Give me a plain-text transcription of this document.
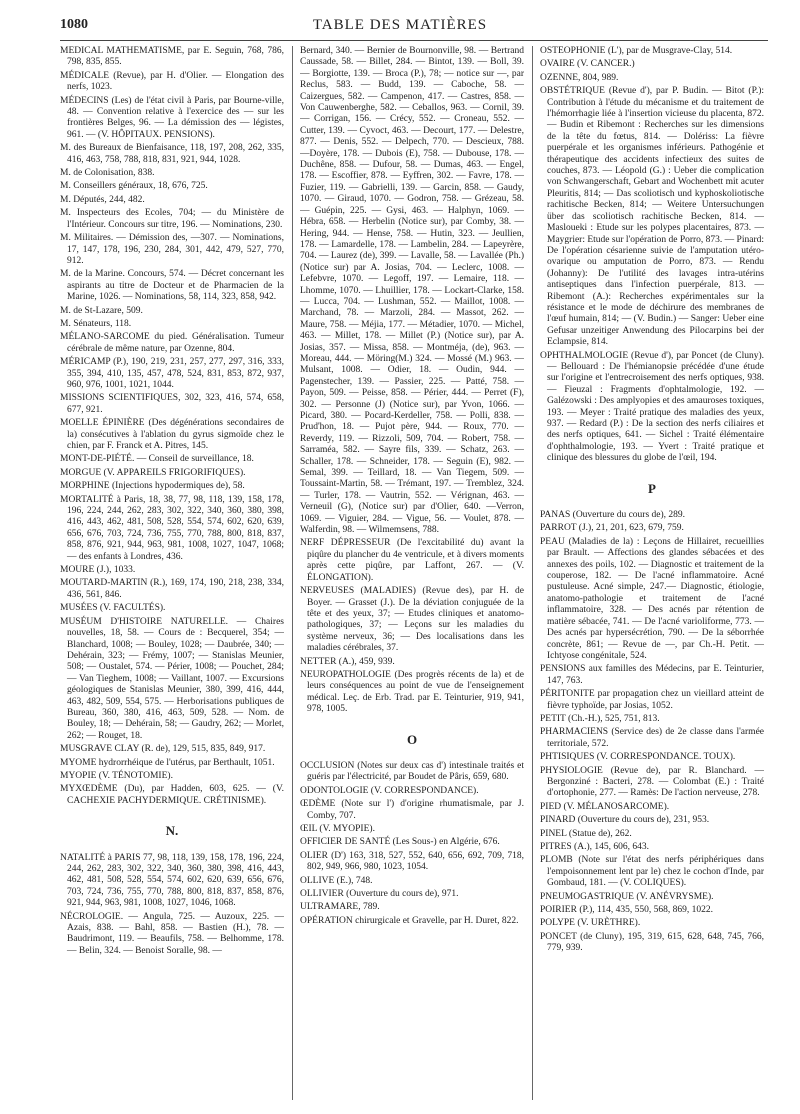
1080	TABLE DES MATIÈRES

MÉDICAL MATHÉMATISME, par E. Seguin, 768, 786, 798, 835, 855.

MÉDICALE (Revue), par H. d'Olier. — Elongation des nerfs, 1023.

MÉDECINS (Les) de l'état civil à Paris, par Bourne-ville, 48. — Convention relative à l'exercice des — sur les frontières Belges, 96. — La démission des — légistes, 961. — (V. HÔPITAUX. PENSIONS).

M. des Bureaux de Bienfaisance, 118, 197, 208, 262, 335, 416, 463, 758, 788, 818, 831, 921, 944, 1028.

M. de Colonisation, 838.

M. Conseillers généraux, 18, 676, 725.

M. Députés, 244, 482.

M. Inspecteurs des Ecoles, 704; — du Ministère de l'Intérieur. Concours sur titre, 196. — Nominations, 230.

M. Militaires. — Démission des, —307. — Nominations, 17, 147, 178, 196, 230, 284, 301, 442, 479, 527, 770, 912.

M. de la Marine. Concours, 574. — Décret concernant les aspirants au titre de Docteur et de Pharmacien de la Marine, 1026. — Nominations, 58, 114, 323, 858, 942.

M. de St-Lazare, 509.

M. Sénateurs, 118.

MÉLANO-SARCOME du pied. Généralisation. Tumeur cérébrale de même nature, par Ozenne, 804.

MÉRICAMP (P.), 190, 219, 231, 257, 277, 297, 316, 333, 355, 394, 410, 135, 457, 478, 524, 831, 853, 872, 937, 960, 976, 1001, 1021, 1044.

MISSIONS SCIENTIFIQUES, 302, 323, 416, 574, 658, 677, 921.

MOELLE ÉPINIÈRE (Des dégénérations secondaires de la) consécutives à l'ablation du gyrus sigmoïde chez le chien, par F. Franck et A. Pitres, 145.

MONT-DE-PIÉTÉ. — Conseil de surveillance, 18.

MORGUE (V. APPAREILS FRIGORIFIQUES).

MORPHINE (Injections hypodermiques de), 58.

MORTALITÉ à Paris, 18, 38, 77, 98, 118, 139, 158, 178, 196, 224, 244, 262, 283, 302, 322, 340, 360, 380, 398, 416, 443, 462, 481, 508, 528, 554, 574, 602, 620, 639, 656, 676, 703, 724, 736, 755, 770, 788, 800, 818, 837, 858, 876, 921, 944, 963, 981, 1008, 1027, 1047, 1068; — des enfants à Londres, 436.

MOURE (J.), 1033.

MOUTARD-MARTIN (R.), 169, 174, 190, 218, 238, 334, 436, 561, 846.

MUSÉES (V. FACULTÉS).

MUSÉUM D'HISTOIRE NATURELLE. — Chaires nouvelles, 18, 58. — Cours de : Becquerel, 354; — Blanchard, 1008; — Bouley, 1028; — Daubrée, 340; — Dehérain, 323; — Frémy, 1007; — Stanislas Meunier, 508; — Oustalet, 574. — Périer, 1008; — Pouchet, 284; — Van Tieghem, 1008; — Vaillant, 1007. — Excursions géologiques de Stanislas Meunier, 380, 399, 416, 444, 463, 482, 509, 554, 575. — Herborisations publiques de Bureau, 360, 380, 416, 463, 509, 528. — Nom. de Bouley, 18; — Dehérain, 58; — Gaudry, 262; — Morlet, 262; — Rouget, 18.

MUSGRAVE CLAY (R. de), 129, 515, 835, 849, 917.

MYOME hydrorrhéique de l'utérus, par Berthault, 1051.

MYOPIE (V. TÉNOTOMIE).

MYXŒDÈME (Du), par Hadden, 603, 625. — (V. CACHEXIE PACHYDERMIQUE. CRÉTINISME).

N.

NATALITÉ à PARIS 77, 98, 118, 139, 158, 178, 196, 224, 244, 262, 283, 302, 322, 340, 360, 380, 398, 416, 443, 462, 481, 508, 528, 554, 574, 602, 620, 639, 656, 676, 703, 724, 736, 755, 770, 788, 800, 818, 837, 858, 876, 921, 944, 963, 981, 1008, 1027, 1046, 1068.

NÉCROLOGIE. — Angula, 725. — Auzoux, 225. — Azais, 838. — Bahl, 858. — Bastien (H.), 78. — Baudrimont, 119. — Beaufils, 758. — Belhomme, 178. — Belin, 324. — Benoist Soralle, 98. —

Bernard, 340. — Bernier de Bournonville, 98. — Bertrand Caussade, 58. — Billet, 284. — Bintot, 139. — Boll, 39. — Borgiotte, 139. — Broca (P.), 78; — notice sur —, par Reclus, 583. — Budd, 139. — Caboche, 58. — Caizergues, 582. — Campenon, 417. — Castres, 858. — Von Cauwenberghe, 582. — Ceballos, 963. — Cornil, 39. — Corrigan, 156. — Crécy, 552. — Croneau, 552. — Cutter, 139. — Cyvoct, 463. — Decourt, 177. — Delestre, 877. — Denis, 552. — Delpech, 770. — Descieux, 788. —Doyère, 178. — Dubois (E), 758. — Dubouse, 178. — Duchêne, 858. — Dufour, 58. — Dumas, 463. — Engel, 178. — Escoffier, 878. — Eyffren, 302. — Favre, 178. — Fuzier, 119. — Gabrielli, 139. — Garcin, 858. — Gaudy, 1070. — Giraud, 1070. — Godron, 758. — Grézeau, 58. — Guépin, 225. — Gysi, 463. — Halphyn, 1069. — Hébra, 658. — Herbelin (Notice sur), par Comby, 38. — Hering, 944. — Hense, 758. — Hutin, 323. — Jeullien, 178. — Lamardelle, 178. — Lambelin, 284. — Lapeyrère, 704. — Laurez (de), 399. — Lavalle, 58. — Lavallée (Ph.) (Notice sur) par A. Josias, 704. — Leclerc, 1008. — Lefebvre, 1070. — Legoff, 197. — Lemaire, 118. — Lhomme, 1070. — Lhuillier, 178. — Lockart-Clarke, 158. — Lucca, 704. — Lushman, 552. — Maillot, 1008. — Marchand, 78. — Marzoli, 284. — Massot, 262. — Maure, 758. — Méjia, 177. — Métadier, 1070. — Michel, 463. — Millet, 178. — Millet (P.) (Notice sur), par A. Josias, 357. — Missa, 858. — Montméja, (de), 963. — Moreau, 444. — Möring(M.) 324. — Mossé (M.) 963. — Mulsant, 1008. — Odier, 18. — Oudin, 944. — Pagenstecher, 139. — Passier, 225. — Patté, 758. — Payon, 509. — Peisse, 858. — Périer, 444. — Perret (F), 302. — Personne (J) (Notice sur), par Yvon, 1066. — Picard, 380. — Pocard-Kerdeller, 758. — Polli, 838. — Prud'hon, 18. — Pujot père, 944. — Roux, 770. — Reverdy, 119. — Rizzoli, 509, 704. — Robert, 758. — Sarraméa, 582. — Sayre fils, 339. — Schatz, 263. — Schaller, 178. — Schneider, 178. — Seguin (E), 982. — Semal, 399. — Teillard, 18. — Van Tiegem, 509. — Toussaint-Martin, 58. — Trémant, 197. — Tremblez, 324. — Turler, 178. — Vautrin, 552. — Vérignan, 463. — Verneuil (G), (Notice sur) par d'Olier, 640. —Verron, 1069. — Viguier, 284. — Vigue, 56. — Voulet, 878. — Walferdin, 98. — Wilmemsens, 788.

NERF DÉPRESSEUR (De l'excitabilité du) avant la piqûre du plancher du 4e ventricule, et à divers moments après cette piqûre, par Laffont, 267. — (V. ÉLONGATION).

NERVEUSES (MALADIES) (Revue des), par H. de Boyer. — Grasset (J.). De la déviation conjuguée de la tête et des yeux, 37; — Etudes cliniques et anatomo-pathologiques, 37; — Leçons sur les maladies du système nerveux, 36; — Des localisations dans les maladies cérébrales, 37.

NETTER (A.), 459, 939.

NEUROPATHOLOGIE (Des progrès récents de la) et de leurs conséquences au point de vue de l'enseignement médical. Leç. de Erb. Trad. par E. Teinturier, 919, 941, 978, 1005.

O

OCCLUSION (Notes sur deux cas d') intestinale traités et guéris par l'électricité, par Boudet de Pâris, 659, 680.

ODONTOLOGIE (V. CORRESPONDANCE).

ŒDÈME (Note sur l') d'origine rhumatismale, par J. Comby, 707.

ŒIL (V. MYOPIE).

OFFICIER DE SANTÉ (Les Sous-) en Algérie, 676.

OLIER (D') 163, 318, 527, 552, 640, 656, 692, 709, 718, 802, 949, 966, 980, 1023, 1054.

OLLIVE (E.), 748.

OLLIVIER (Ouverture du cours de), 971.

ULTRAMARE, 789.

OPÉRATION chirurgicale et Gravelle, par H. Duret, 822.

OSTÉOPHONIE (L'), par de Musgrave-Clay, 514.

OVAIRE (V. CANCER.)

OZENNE, 804, 989.

OBSTÉTRIQUE (Revue d'), par P. Budin. — Bitot (P.): Contribution à l'étude du mécanisme et du traitement de l'hémorrhagie liée à l'insertion vicieuse du placenta, 872. — Budin et Ribemont : Recherches sur les dimensions de la tête du fœtus, 814. — Dolériss: La fièvre puerpérale et les organismes inférieurs. Pathogénie et thérapeutique des accidents infectieux des suites de couches, 873. — Léopold (G.) : Ueber die complication von Schwangerschaft, Gebart and Wochenbett mit acuter Pleuritis, 814; — Das scoliotisch und kyphoskoliotische rachitische Becken, 814; — Weitere Untersuchungen über das scoliotisch rachitische Becken, 814. — Masloueki : Etude sur les polypes placentaires, 873. — Maygrier: Etude sur l'opération de Porro, 873. — Pinard: De l'opération césarienne suivie de l'amputation utéro-ovarique ou amputation de Porro, 873. — Rendu (Johanny): De l'utilité des lavages intra-utérins antiseptiques dans l'infection puerpérale, 813. — Ribemont (A.): Recherches expérimentales sur la résistance et le mode de déchirure des membranes de l'œuf humain, 814; — (V. Budin.) — Sanger: Ueber eine Gefusar unzeitiger Anwendung des Pilocarpins bei der Eclampsie, 814.

OPHTHALMOLOGIE (Revue d'), par Poncet (de Cluny). — Bellouard : De l'hémianopsie précédée d'une étude sur l'origine et l'entrecroisement des nerfs optiques, 938. — Fieuzal : Fragments d'ophtalmologie, 192. — Galézowski : Des amplyopies et des amauroses toxiques, 193. — Meyer : Traité pratique des maladies des yeux, 937. — Redard (P.) : De la section des nerfs ciliaires et des nerfs optiques, 641. — Sichel : Traité élémentaire d'ophthalmologie, 193. — Yvert : Traité pratique et clinique des blessures du globe de l'œil, 194.

P

PANAS (Ouverture du cours de), 289.

PARROT (J.), 21, 201, 623, 679, 759.

PEAU (Maladies de la) : Leçons de Hillairet, recueillies par Brault. — Affections des glandes sébacées et des annexes des poils, 102. — Diagnostic et traitement de la couperose, 182. — De l'acné inflammatoire. Acné pustuleuse. Acné simple, 247.— Diagnostic, étiologie, anatomo-pathologie et traitement de l'acné inflammatoire, 328. — Des acnés par rétention de matière sébacée, 741. — De l'acné varioliforme, 773. — Des acnés par hypersécrétion, 790. — De la séborrhée concrète, 861; — Revue de —, par Ch.-H. Petit. — Ichtyose congénitale, 524.

PENSIONS aux familles des Médecins, par E. Teinturier, 147, 763.

PÉRITONITE par propagation chez un vieillard atteint de fièvre typhoïde, par Josias, 1052.

PETIT (Ch.-H.), 525, 751, 813.

PHARMACIENS (Service des) de 2e classe dans l'armée territoriale, 572.

PHTISIQUES (V. CORRESPONDANCE. TOUX).

PHYSIOLOGIE (Revue de), par R. Blanchard. — Bergonziné : Bacteri, 278. — Colombat (E.) : Traité d'ortophonie, 277. — Ramès: De l'action nerveuse, 278.

PIED (V. MÉLANOSARCOME).

PINARD (Ouverture du cours de), 231, 953.

PINEL (Statue de), 262.

PITRES (A.), 145, 606, 643.

PLOMB (Note sur l'état des nerfs périphériques dans l'empoisonnement lent par le) chez le cochon d'Inde, par Gombaud, 181. — (V. COLIQUES).

PNEUMOGASTRIQUE (V. ANÉVRYSME).

POIRIER (P.), 114, 435, 550, 568, 869, 1022.

POLYPE (V. URÈTHRE).

PONCET (de Cluny), 195, 319, 615, 628, 648, 745, 766, 779, 939.
